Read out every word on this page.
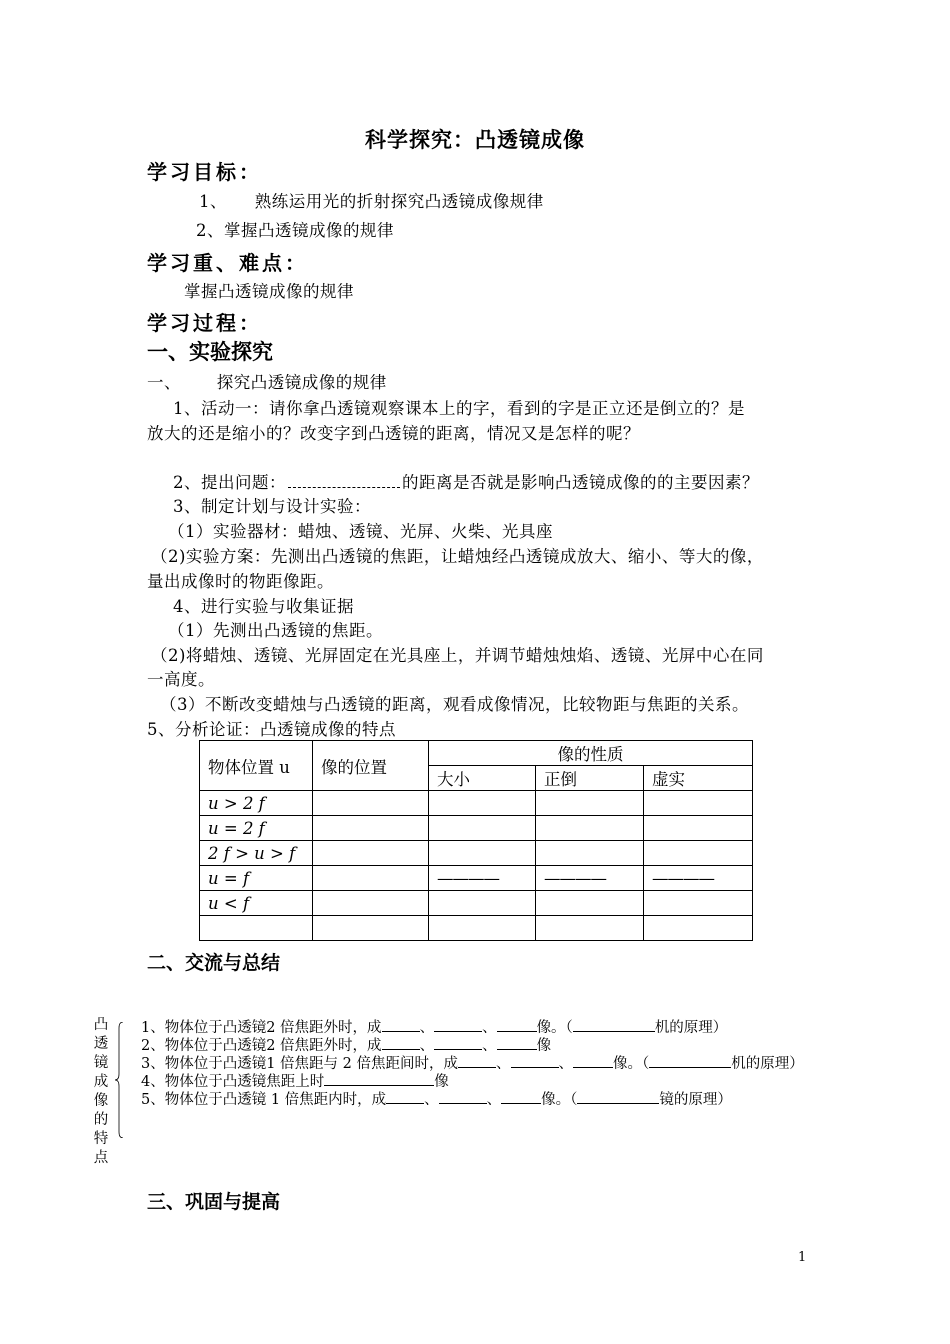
科学探究：凸透镜成像
学习目标：
1、 熟练运用光的折射探究凸透镜成像规律
2、掌握凸透镜成像的规律
学习重、难点：
掌握凸透镜成像的规律
学习过程：
一、实验探究
一、 探究凸透镜成像的规律
1、活动一：请你拿凸透镜观察课本上的字，看到的字是正立还是倒立的？是
放大的还是缩小的？改变字到凸透镜的距离，情况又是怎样的呢？
2、提出问题：	的距离是否就是影响凸透镜成像的的主要因素？
3、制定计划与设计实验：
（1）实验器材：蜡烛、透镜、光屏、火柴、光具座
（2)实验方案：先测出凸透镜的焦距，让蜡烛经凸透镜成放大、缩小、等大的像，
量出成像时的物距像距。
4、进行实验与收集证据
（1）先测出凸透镜的焦距。
（2)将蜡烛、透镜、光屏固定在光具座上，并调节蜡烛烛焰、透镜、光屏中心在同
一高度。
（3）不断改变蜡烛与凸透镜的距离，观看成像情况，比较物距与焦距的关系。
5、分析论证：凸透镜成像的特点
物体位置 u	像的位置	像的性质		
		大小	正倒	虚实
u > 2 f				
u = 2 f				
2 f > u > f				
u = f		————	————	————
u < f				

二、交流与总结
凸透镜成像的特点
1、物体位于凸透镜2 倍焦距外时，成	、	、	像。（	机的原理）
2、物体位于凸透镜2 倍焦距外时，成	、	、	像
3、物体位于凸透镜1 倍焦距与 2 倍焦距间时，成	、	、	像。（	机的原理）
4、物体位于凸透镜焦距上时	像
5、物体位于凸透镜 1 倍焦距内时，成	、	、	像。（	镜的原理）
三、巩固与提高
1
